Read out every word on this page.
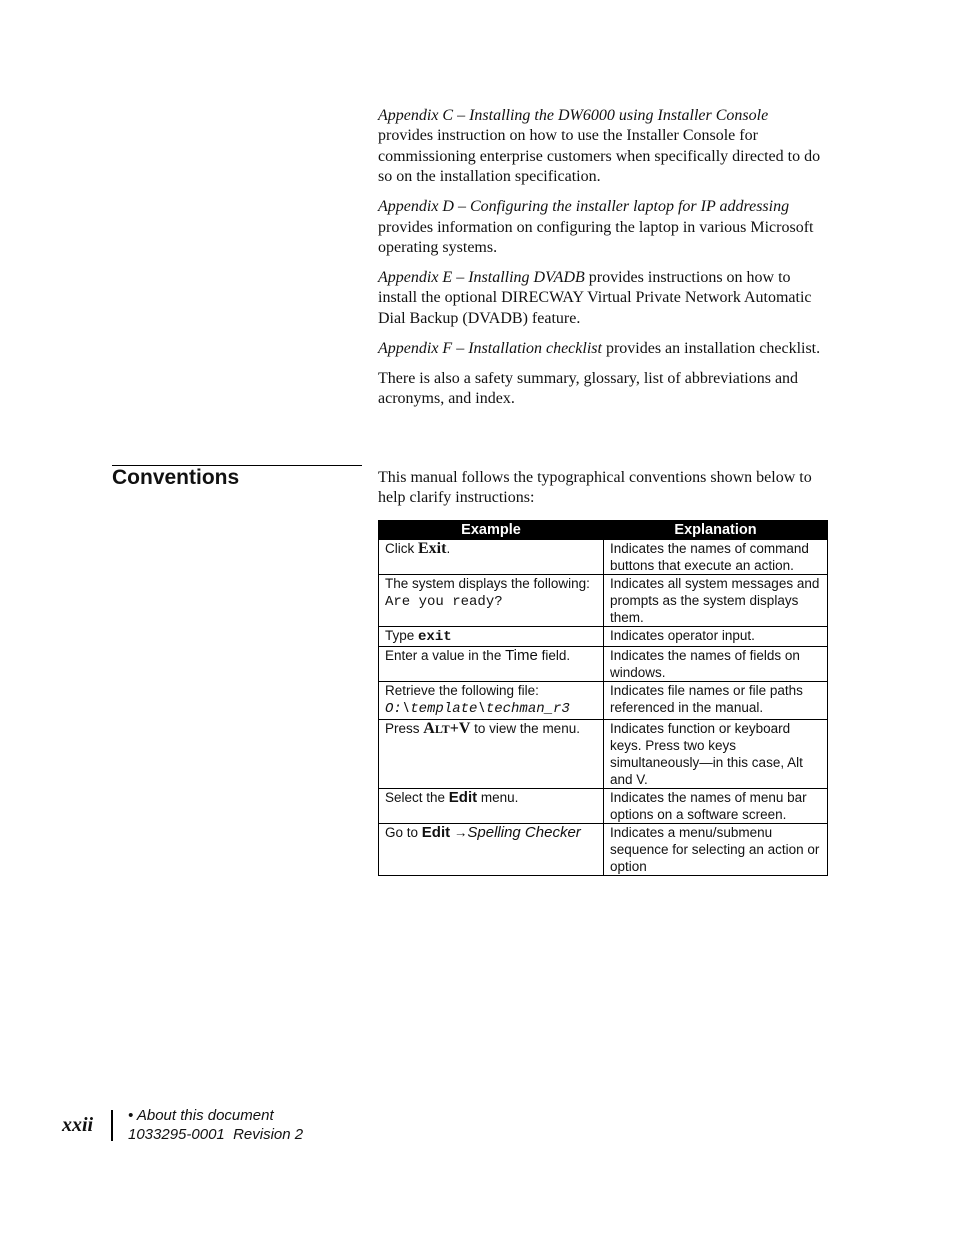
Appendix C – Installing the DW6000 using Installer Console
provides instruction on how to use the Installer Console for commissioning enterprise customers when specifically directed to do so on the installation specification.

Appendix D – Configuring the installer laptop for IP addressing
provides information on configuring the laptop in various Microsoft operating systems.

Appendix E – Installing DVADB provides instructions on how to install the optional DIRECWAY Virtual Private Network Automatic Dial Backup (DVADB) feature.

Appendix F – Installation checklist provides an installation checklist.

There is also a safety summary, glossary, list of abbreviations and acronyms, and index.

Conventions	This manual follows the typographical conventions shown below to help clarify instructions:

Example	Explanation
Click Exit.	Indicates the names of command buttons that execute an action.

The system displays the following:
Are you ready?	Indicates all system messages and prompts as the system displays them.
Type exit	Indicates operator input.
Enter a value in the Time field.	Indicates the names of fields on windows.

Retrieve the following file:
O:\template\techman_r3	Indicates file names or file paths referenced in the manual.
Press ALT+V to view the menu.	Indicates function or keyboard keys. Press two keys simultaneously—in this case, Alt and V.
Select the Edit menu.	Indicates the names of menu bar options on a software screen.
Go to Edit →Spelling Checker	Indicates a menu/submenu sequence for selecting an action or option
xxii • About this document
1033295-0001  Revision 2
